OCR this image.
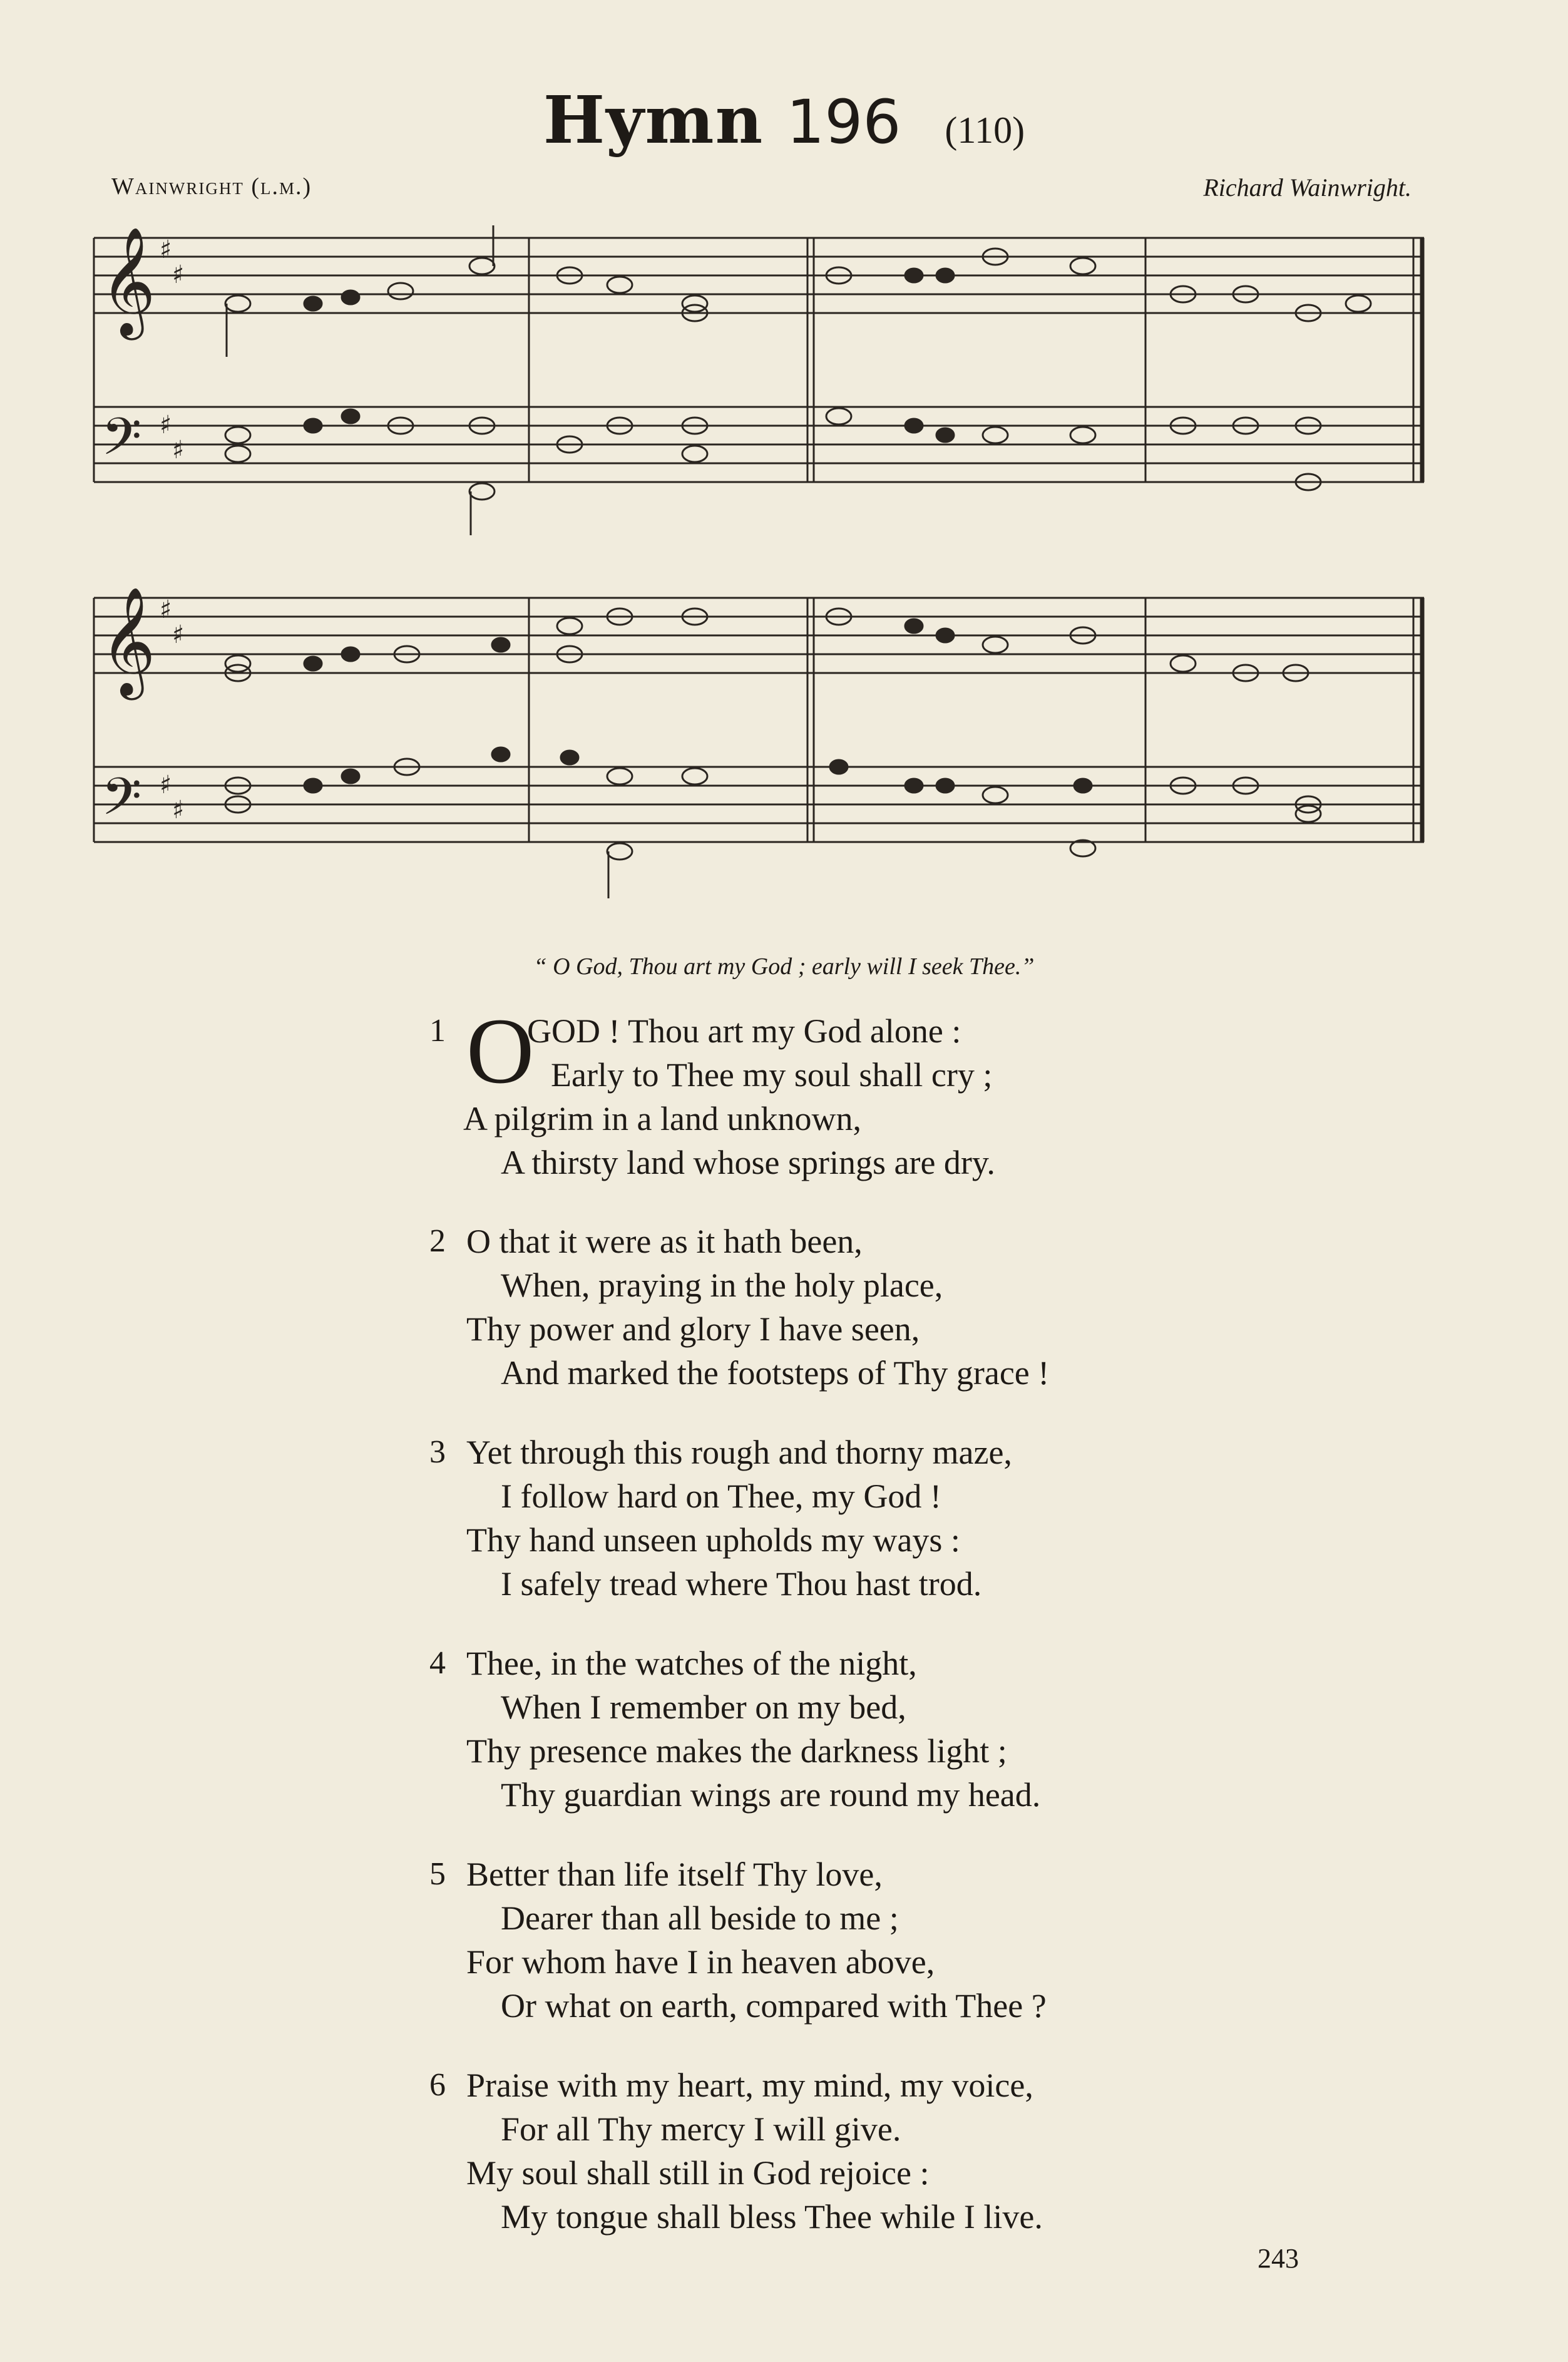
Hymn 196 (110)
Wainwright (l.m.)	Richard Wainwright.
𝄞
𝄢
♯
♯
♯
♯
𝄞
𝄢
♯
♯
♯
♯
“ O God, Thou art my God ; early will I seek Thee.”
1 O
GOD ! Thou art my God alone :
Early to Thee my soul shall cry ;
A pilgrim in a land unknown,
A thirsty land whose springs are dry.
2 O that it were as it hath been,
When, praying in the holy place,
Thy power and glory I have seen,
And marked the footsteps of Thy grace !
3 Yet through this rough and thorny maze,
I follow hard on Thee, my God !
Thy hand unseen upholds my ways :
I safely tread where Thou hast trod.
4 Thee, in the watches of the night,
When I remember on my bed,
Thy presence makes the darkness light ;
Thy guardian wings are round my head.
5 Better than life itself Thy love,
Dearer than all beside to me ;
For whom have I in heaven above,
Or what on earth, compared with Thee ?
6 Praise with my heart, my mind, my voice,
For all Thy mercy I will give.
My soul shall still in God rejoice :
My tongue shall bless Thee while I live.
243
